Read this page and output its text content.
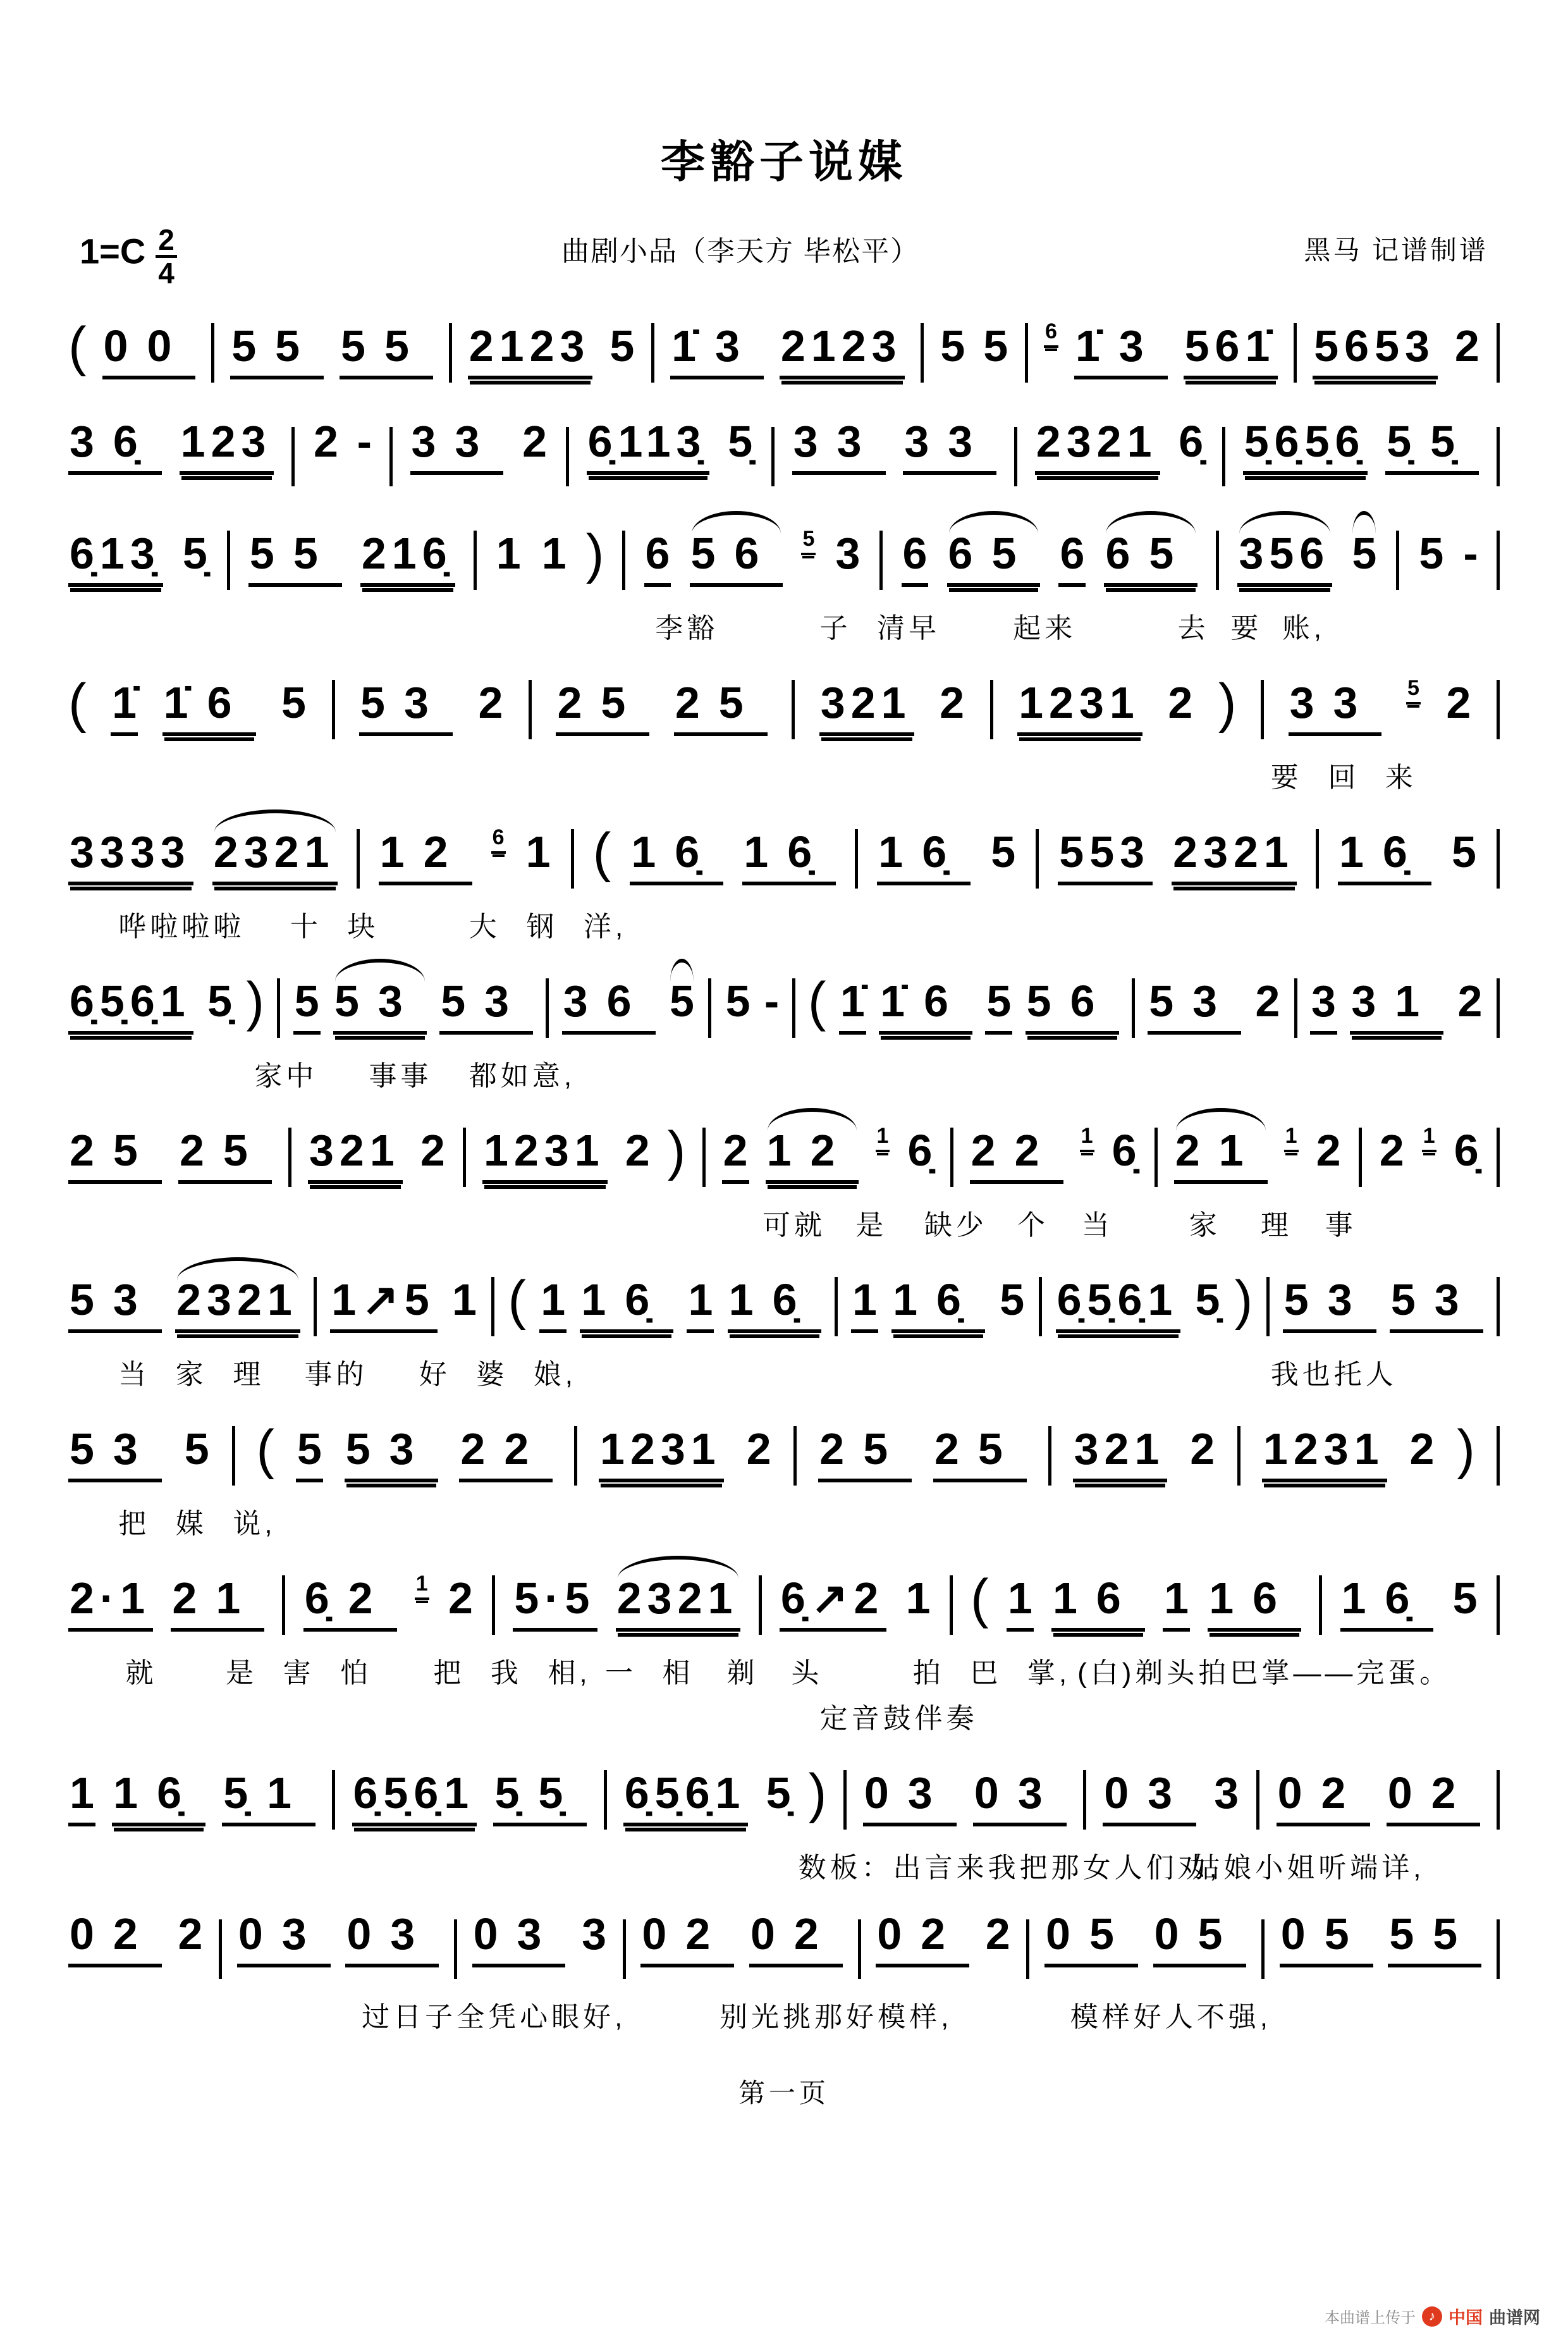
李豁子说媒
$1=C \frac{2}{4}$	曲剧小品（李天方 毕松平）	黑马 记谱制谱
( 00 55 55 2123 5 1̇3 2123 5 5 6 1̇3 561̇ 5653 2
36̣ 123 2 - 33 2 6̣113̣ 5̣ 33 33 2321 6̣ 5̣6̣5̣6̣ 5̣5̣
6̣13̣ 5̣ 55 216̣ 1 1 ) 6 56 5 3 6 65 6 65 356 5 5 -
李豁	子 清早	起来	去 要 账,
( 1̇ 1̇6 5 53 2 25 25 321 2 1231 2 ) 33 5 2
要 回 来
3333 2321 12 6 1 ( 16̣ 16̣ 16̣ 5 553 2321 16̣ 5
哗啦啦啦 十 块	大 钢 洋,
6̣5̣6̣1 5̣ ) 5 53 53 36 5 5 - ( 1̇ 1̇6 5 56 53 2 3 31 2
家中 事事 都如意,
25 25 321 2 1231 2 ) 2 12 1 6̣ 22 1 6̣ 21 1 2 2 1 6̣
可就 是 缺少 个 当	家 理 事
53 2321 1↗5 1 ( 1 16̣ 1 16̣ 1 16̣ 5 6̣5̣6̣1 5̣ ) 53 53
当 家 理 事的 好 婆 娘,	我也托人
53 5 ( 5 53 22 1231 2 25 25 321 2 1231 2 )
把 媒 说,
2·1 21 6̣2 1 2 5·5 2321 6̣↗2 1 ( 1 16 1 16 16̣ 5
就 是 害 怕 把 我 相, 一 相 剃 头	拍 巴 掌, (白)剃头拍巴掌——完蛋。
定音鼓伴奏
1 16̣ 5̣1 6̣5̣6̣1 5̣5̣ 6̣5̣6̣1 5̣ ) 03 03 03 3 02 02
数板：出言来我把那女人们劝,
姑娘小姐听端详,
02 2 03 03 03 3 02 02 02 2 05 05 05 55
过日子全凭心眼好,	别光挑那好模样,	模样好人不强,
第一页
本曲谱上传于 ♪ 中国 曲谱网
